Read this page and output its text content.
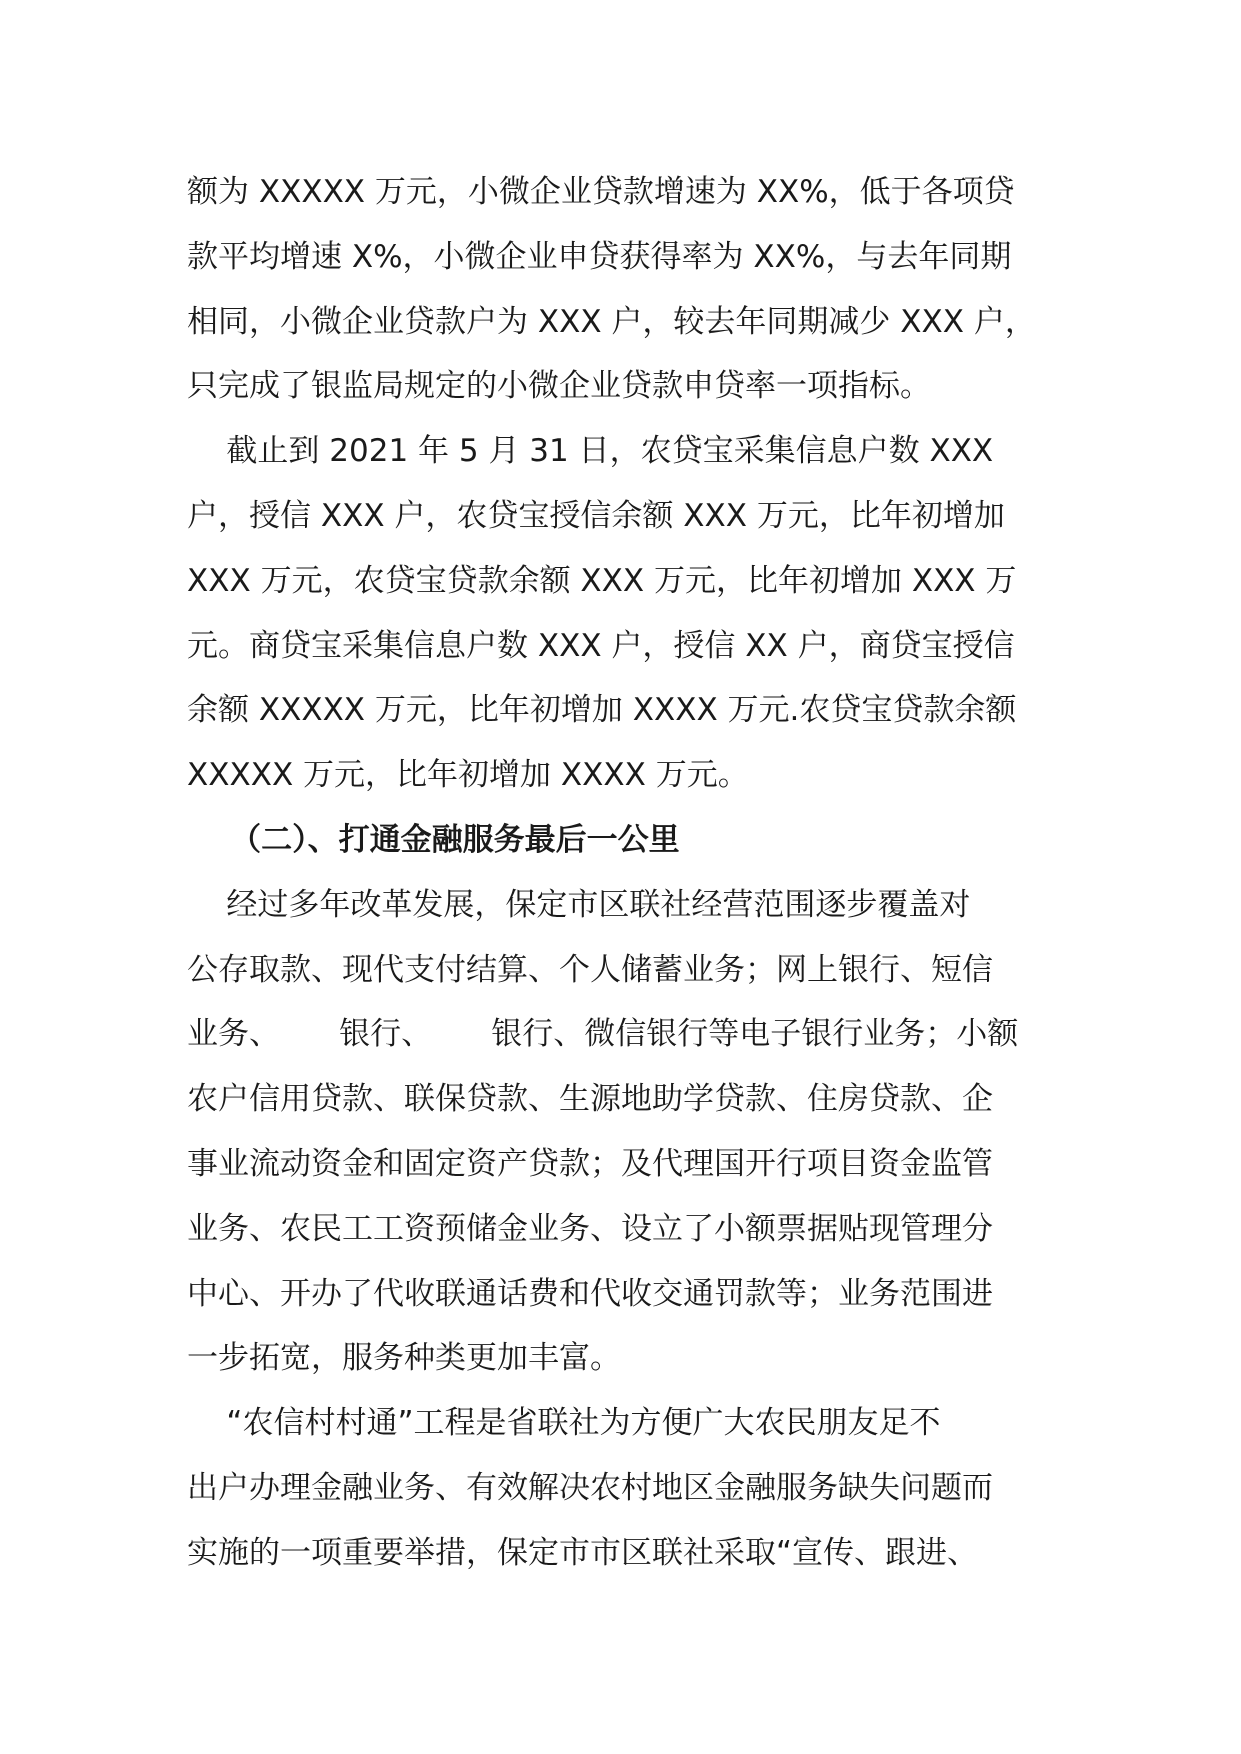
额为 XXXXX 万元，小微企业贷款增速为 XX%，低于各项贷
款平均增速 X%，小微企业申贷获得率为 XX%，与去年同期
相同，小微企业贷款户为 XXX 户，较去年同期减少 XXX 户，
只完成了银监局规定的小微企业贷款申贷率一项指标。
截止到 2021 年 5 月 31 日，农贷宝采集信息户数 XXX
户，授信 XXX 户，农贷宝授信余额 XXX 万元，比年初增加
XXX 万元，农贷宝贷款余额 XXX 万元，比年初增加 XXX 万
元。商贷宝采集信息户数 XXX 户，授信 XX 户，商贷宝授信
余额 XXXXX 万元，比年初增加 XXXX 万元.农贷宝贷款余额
XXXXX 万元，比年初增加 XXXX 万元。
（二）、打通金融服务最后一公里
经过多年改革发展，保定市区联社经营范围逐步覆盖对
公存取款、现代支付结算、个人储蓄业务；网上银行、短信
业务、      银行、      银行、微信银行等电子银行业务；小额
农户信用贷款、联保贷款、生源地助学贷款、住房贷款、企
事业流动资金和固定资产贷款；及代理国开行项目资金监管
业务、农民工工资预储金业务、设立了小额票据贴现管理分
中心、开办了代收联通话费和代收交通罚款等；业务范围进
一步拓宽，服务种类更加丰富。
“农信村村通”工程是省联社为方便广大农民朋友足不
出户办理金融业务、有效解决农村地区金融服务缺失问题而
实施的一项重要举措，保定市市区联社采取“宣传、跟进、
